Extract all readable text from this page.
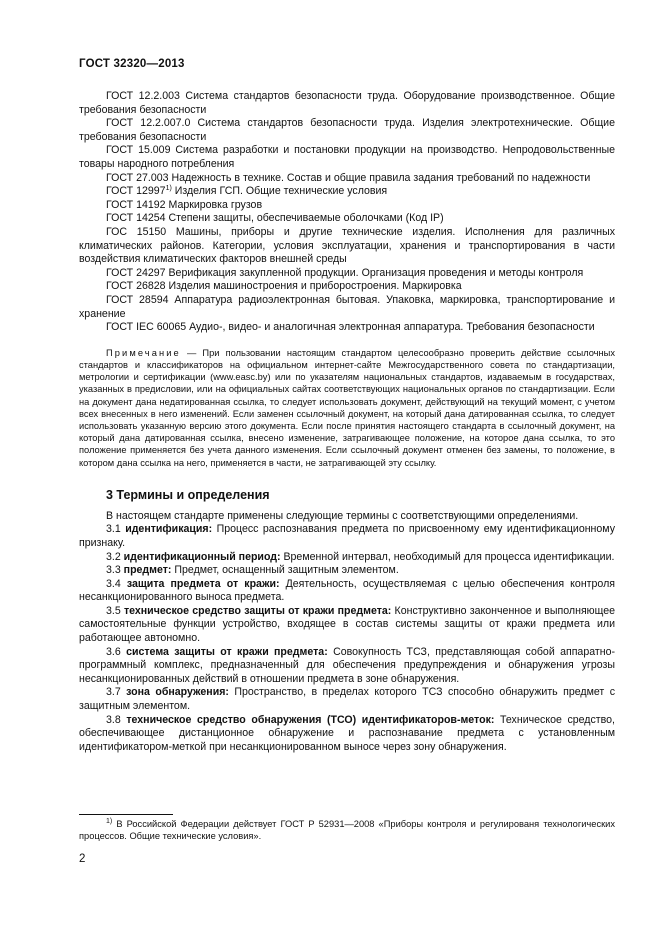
ГОСТ 32320—2013

ГОСТ 12.2.003 Система стандартов безопасности труда. Оборудование производственное. Общие требования безопасности

ГОСТ 12.2.007.0 Система стандартов безопасности труда. Изделия электротехнические. Общие требования безопасности

ГОСТ 15.009 Система разработки и постановки продукции на производство. Непродовольственные товары народного потребления

ГОСТ 27.003 Надежность в технике. Состав и общие правила задания требований по надежности

ГОСТ 12997$^{1)}$ Изделия ГСП. Общие технические условия

ГОСТ 14192 Маркировка грузов

ГОСТ 14254 Степени защиты, обеспечиваемые оболочками (Код IP)

ГОС 15150 Машины, приборы и другие технические изделия. Исполнения для различных климатических районов. Категории, условия эксплуатации, хранения и транспортирования в части воздействия климатических факторов внешней среды

ГОСТ 24297 Верификация закупленной продукции. Организация проведения и методы контроля

ГОСТ 26828 Изделия машиностроения и приборостроения. Маркировка

ГОСТ 28594 Аппаратура радиоэлектронная бытовая. Упаковка, маркировка, транспортирование и хранение

ГОСТ IEC 60065 Аудио-, видео- и аналогичная электронная аппаратура. Требования безопасности

Примечание — При пользовании настоящим стандартом целесообразно проверить действие ссылочных стандартов и классификаторов на официальном интернет-сайте Межгосударственного совета по стандартизации, метрологии и сертификации (www.easc.by) или по указателям национальных стандартов, издаваемым в государствах, указанных в предисловии, или на официальных сайтах соответствующих национальных органов по стандартизации. Если на документ дана недатированная ссылка, то следует использовать документ, действующий на текущий момент, с учетом всех внесенных в него изменений. Если заменен ссылочный документ, на который дана датированная ссылка, то следует использовать указанную версию этого документа. Если после принятия настоящего стандарта в ссылочный документ, на который дана датированная ссылка, внесено изменение, затрагивающее положение, на которое дана ссылка, то это положение применяется без учета данного изменения. Если ссылочный документ отменен без замены, то положение, в котором дана ссылка на него, применяется в части, не затрагивающей эту ссылку.
3 Термины и определения

В настоящем стандарте применены следующие термины с соответствующими определениями.

3.1 идентификация: Процесс распознавания предмета по присвоенному ему идентификационному признаку.

3.2 идентификационный период: Временной интервал, необходимый для процесса идентификации.

3.3 предмет: Предмет, оснащенный защитным элементом.

3.4 защита предмета от кражи: Деятельность, осуществляемая с целью обеспечения контроля несанкционированного выноса предмета.

3.5 техническое средство защиты от кражи предмета: Конструктивно законченное и выполняющее самостоятельные функции устройство, входящее в состав системы защиты от кражи предмета или работающее автономно.

3.6 система защиты от кражи предмета: Совокупность ТСЗ, представляющая собой аппаратно-программный комплекс, предназначенный для обеспечения предупреждения и обнаружения угрозы несанкционированных действий в отношении предмета в зоне обнаружения.

3.7 зона обнаружения: Пространство, в пределах которого ТСЗ способно обнаружить предмет с защитным элементом.

3.8 техническое средство обнаружения (ТСО) идентификаторов-меток: Техническое средство, обеспечивающее дистанционное обнаружение и распознавание предмета с установленным идентификатором-меткой при несанкционированном выносе через зону обнаружения.

$^{1)}$ В Российской Федерации действует ГОСТ Р 52931—2008 «Приборы контроля и регулированя технологических процессов. Общие технические условия».

2
